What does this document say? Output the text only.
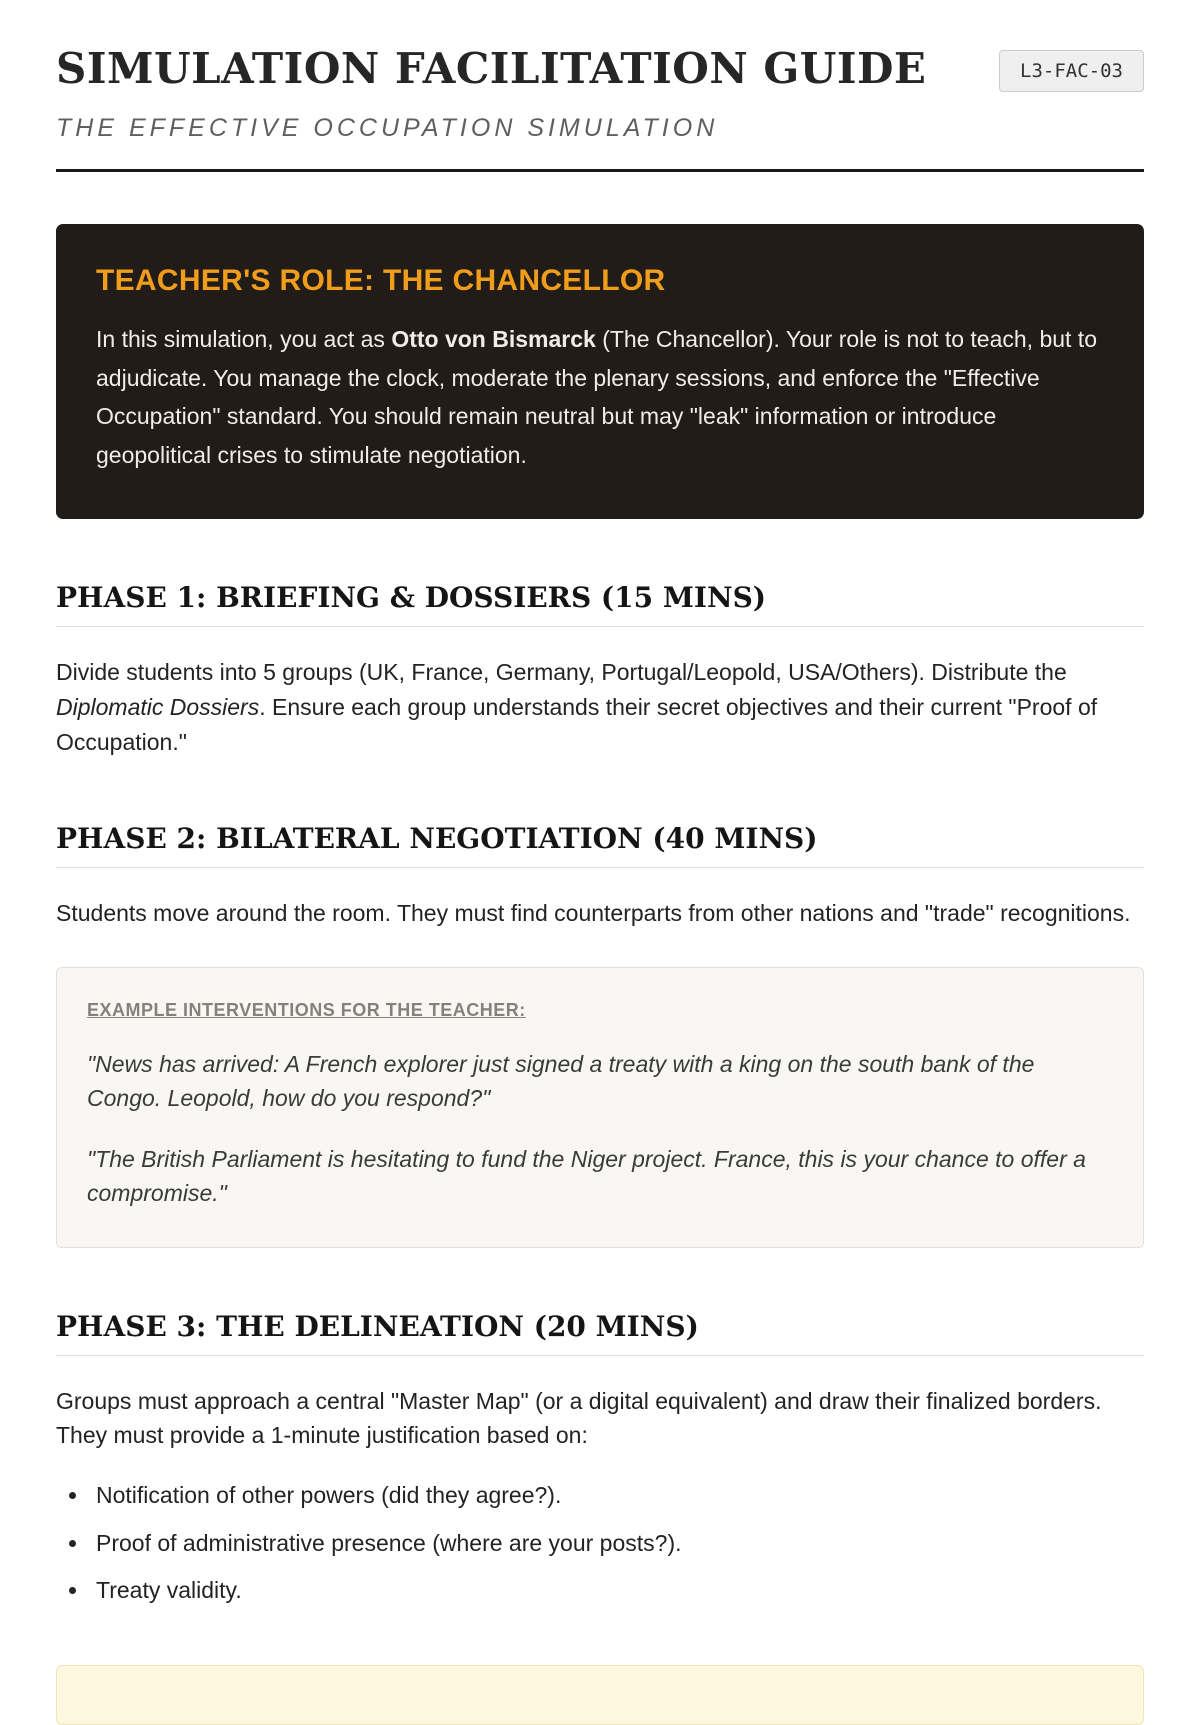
SIMULATION FACILITATION GUIDE	L3-FAC-03
THE EFFECTIVE OCCUPATION SIMULATION
TEACHER'S ROLE: THE CHANCELLOR

In this simulation, you act as Otto von Bismarck (The Chancellor). Your role is not to teach, but to adjudicate. You manage the clock, moderate the plenary sessions, and enforce the "Effective Occupation" standard. You should remain neutral but may "leak" information or introduce geopolitical crises to stimulate negotiation.

PHASE 1: BRIEFING & DOSSIERS (15 MINS)

Divide students into 5 groups (UK, France, Germany, Portugal/Leopold, USA/Others). Distribute the Diplomatic Dossiers. Ensure each group understands their secret objectives and their current "Proof of Occupation."

PHASE 2: BILATERAL NEGOTIATION (40 MINS)

Students move around the room. They must find counterparts from other nations and "trade" recognitions.

EXAMPLE INTERVENTIONS FOR THE TEACHER:

"News has arrived: A French explorer just signed a treaty with a king on the south bank of the Congo. Leopold, how do you respond?"

"The British Parliament is hesitating to fund the Niger project. France, this is your chance to offer a compromise."

PHASE 3: THE DELINEATION (20 MINS)

Groups must approach a central "Master Map" (or a digital equivalent) and draw their finalized borders. They must provide a 1-minute justification based on:

• Notification of other powers (did they agree?).
• Proof of administrative presence (where are your posts?).
• Treaty validity.
